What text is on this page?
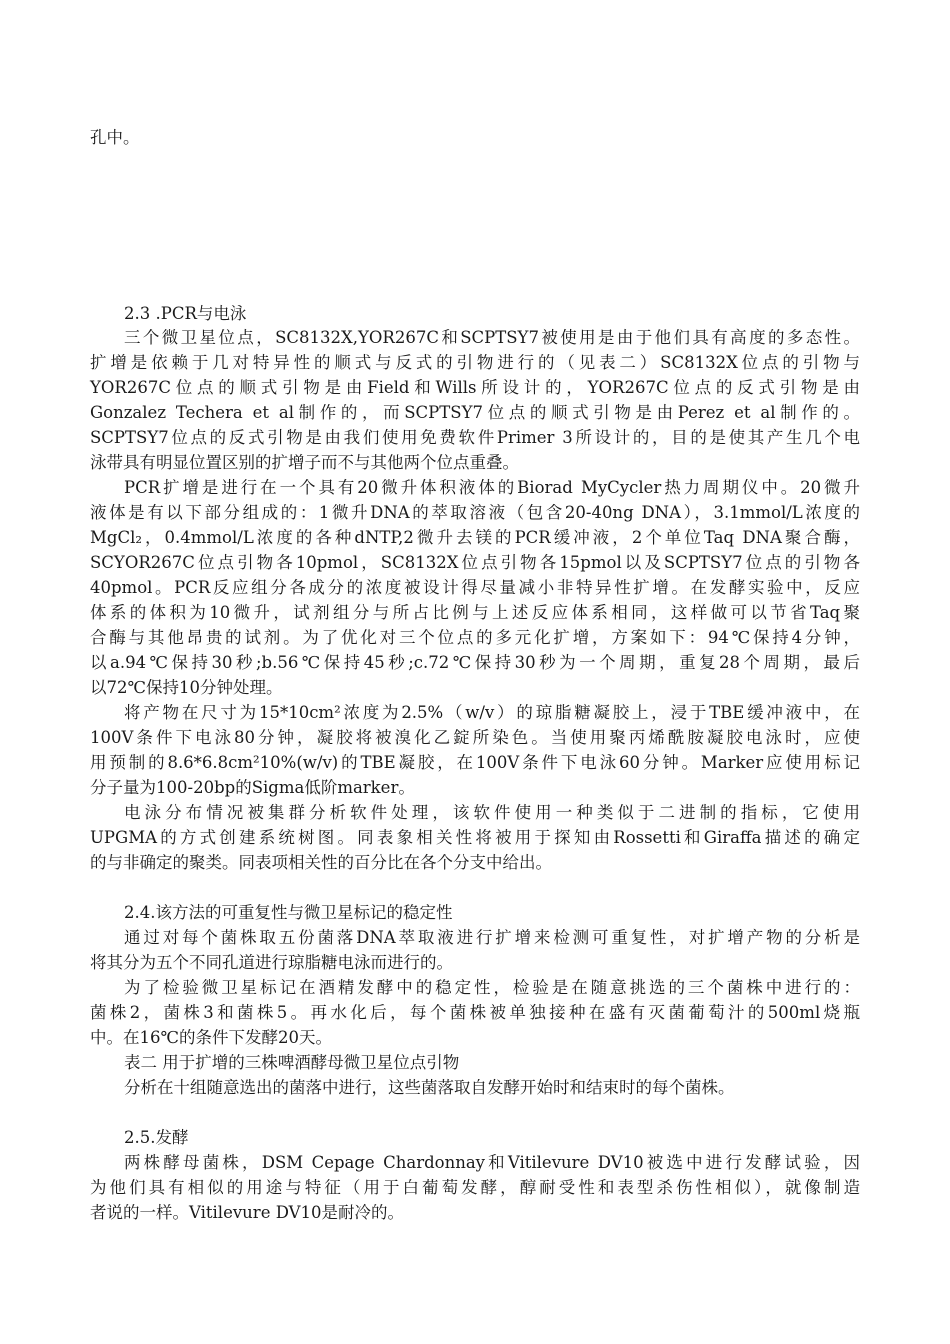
孔中。
2.3 .PCR与电泳
三个微卫星位点，SC8132X,YOR267C和SCPTSY7被使用是由于他们具有高度的多态性。
扩增是依赖于几对特异性的顺式与反式的引物进行的（见表二）SC8132X位点的引物与
YOR267C位点的顺式引物是由Field和Wills所设计的，YOR267C位点的反式引物是由
Gonzalez Techera et al制作的，而SCPTSY7位点的顺式引物是由Perez et al制作的。
SCPTSY7位点的反式引物是由我们使用免费软件Primer 3所设计的，目的是使其产生几个电
泳带具有明显位置区别的扩增子而不与其他两个位点重叠。
PCR扩增是进行在一个具有20微升体积液体的Biorad MyCycler热力周期仪中。20微升
液体是有以下部分组成的：1微升DNA的萃取溶液（包含20-40ng DNA），3.1mmol/L浓度的
MgCl₂，0.4mmol/L浓度的各种dNTP,2微升去镁的PCR缓冲液，2个单位Taq DNA聚合酶，
SCYOR267C位点引物各10pmol，SC8132X位点引物各15pmol以及SCPTSY7位点的引物各
40pmol。PCR反应组分各成分的浓度被设计得尽量减小非特异性扩增。在发酵实验中，反应
体系的体积为10微升，试剂组分与所占比例与上述反应体系相同，这样做可以节省Taq聚
合酶与其他昂贵的试剂。为了优化对三个位点的多元化扩增，方案如下：94℃保持4分钟，
以a.94℃保持30秒;b.56℃保持45秒;c.72℃保持30秒为一个周期，重复28个周期，最后
以72℃保持10分钟处理。
将产物在尺寸为15*10cm²浓度为2.5%（w/v）的琼脂糖凝胶上，浸于TBE缓冲液中，在
100V条件下电泳80分钟，凝胶将被溴化乙錠所染色。当使用聚丙烯酰胺凝胶电泳时，应使
用预制的8.6*6.8cm²10%(w/v)的TBE凝胶，在100V条件下电泳60分钟。Marker应使用标记
分子量为100-20bp的Sigma低阶marker。
电泳分布情况被集群分析软件处理，该软件使用一种类似于二进制的指标，它使用
UPGMA的方式创建系统树图。同表象相关性将被用于探知由Rossetti和Giraffa描述的确定
的与非确定的聚类。同表项相关性的百分比在各个分支中给出。
2.4.该方法的可重复性与微卫星标记的稳定性
通过对每个菌株取五份菌落DNA萃取液进行扩增来检测可重复性，对扩增产物的分析是
将其分为五个不同孔道进行琼脂糖电泳而进行的。
为了检验微卫星标记在酒精发酵中的稳定性，检验是在随意挑选的三个菌株中进行的：
菌株2，菌株3和菌株5。再水化后，每个菌株被单独接种在盛有灭菌葡萄汁的500ml烧瓶
中。在16℃的条件下发酵20天。
表二 用于扩增的三株啤酒酵母微卫星位点引物
分析在十组随意选出的菌落中进行，这些菌落取自发酵开始时和结束时的每个菌株。
2.5.发酵
两株酵母菌株，DSM Cepage Chardonnay和Vitilevure DV10被选中进行发酵试验，因
为他们具有相似的用途与特征（用于白葡萄发酵，醇耐受性和表型杀伤性相似），就像制造
者说的一样。Vitilevure DV10是耐冷的。
